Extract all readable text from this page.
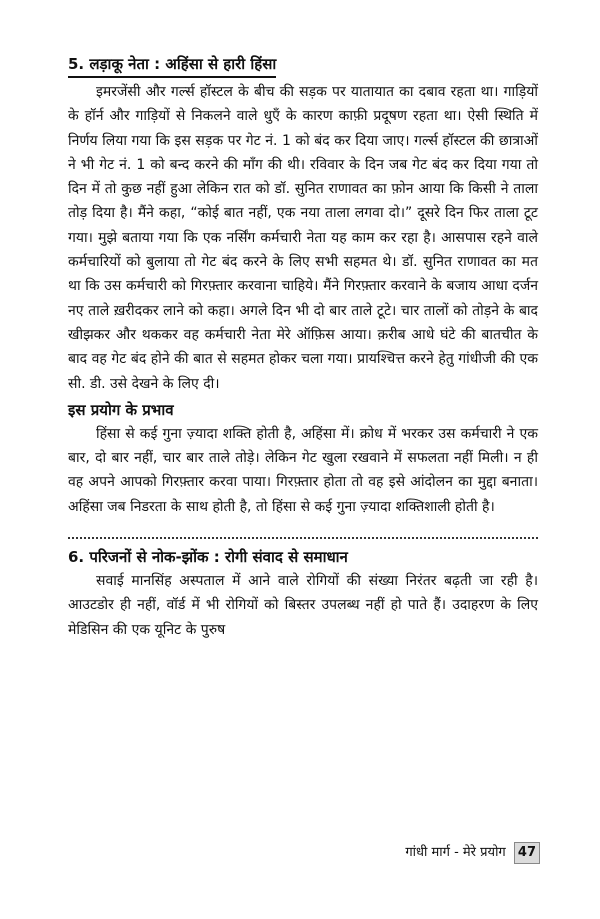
5. लड़ाकू नेता : अहिंसा से हारी हिंसा

इमरजेंसी और गर्ल्स हॉस्टल के बीच की सड़क पर यातायात का दबाव रहता था। गाड़ियों के हॉर्न और गाड़ियों से निकलने वाले धुएँ के कारण काफ़ी प्रदूषण रहता था। ऐसी स्थिति में निर्णय लिया गया कि इस सड़क पर गेट नं. 1 को बंद कर दिया जाए। गर्ल्स हॉस्टल की छात्राओं ने भी गेट नं. 1 को बन्द करने की माँग की थी। रविवार के दिन जब गेट बंद कर दिया गया तो दिन में तो कुछ नहीं हुआ लेकिन रात को डॉ. सुनित राणावत का फ़ोन आया कि किसी ने ताला तोड़ दिया है। मैंने कहा, “कोई बात नहीं, एक नया ताला लगवा दो।” दूसरे दिन फिर ताला टूट गया। मुझे बताया गया कि एक नर्सिंग कर्मचारी नेता यह काम कर रहा है। आसपास रहने वाले कर्मचारियों को बुलाया तो गेट बंद करने के लिए सभी सहमत थे। डॉ. सुनित राणावत का मत था कि उस कर्मचारी को गिरफ़्तार करवाना चाहिये। मैंने गिरफ़्तार करवाने के बजाय आधा दर्जन नए ताले ख़रीदकर लाने को कहा। अगले दिन भी दो बार ताले टूटे। चार तालों को तोड़ने के बाद खीझकर और थककर वह कर्मचारी नेता मेरे ऑफ़िस आया। क़रीब आधे घंटे की बातचीत के बाद वह गेट बंद होने की बात से सहमत होकर चला गया। प्रायश्चित्त करने हेतु गांधीजी की एक सी. डी. उसे देखने के लिए दी।

इस प्रयोग के प्रभाव

हिंसा से कई गुना ज़्यादा शक्ति होती है, अहिंसा में। क्रोध में भरकर उस कर्मचारी ने एक बार, दो बार नहीं, चार बार ताले तोड़े। लेकिन गेट खुला रखवाने में सफलता नहीं मिली। न ही वह अपने आपको गिरफ़्तार करवा पाया। गिरफ़्तार होता तो वह इसे आंदोलन का मुद्दा बनाता। अहिंसा जब निडरता के साथ होती है, तो हिंसा से कई गुना ज़्यादा शक्तिशाली होती है।

6. परिजनों से नोक-झोंक : रोगी संवाद से समाधान

सवाई मानसिंह अस्पताल में आने वाले रोगियों की संख्या निरंतर बढ़ती जा रही है। आउटडोर ही नहीं, वॉर्ड में भी रोगियों को बिस्तर उपलब्ध नहीं हो पाते हैं। उदाहरण के लिए मेडिसिन की एक यूनिट के पुरुष

गांधी मार्ग - मेरे प्रयोग 47
